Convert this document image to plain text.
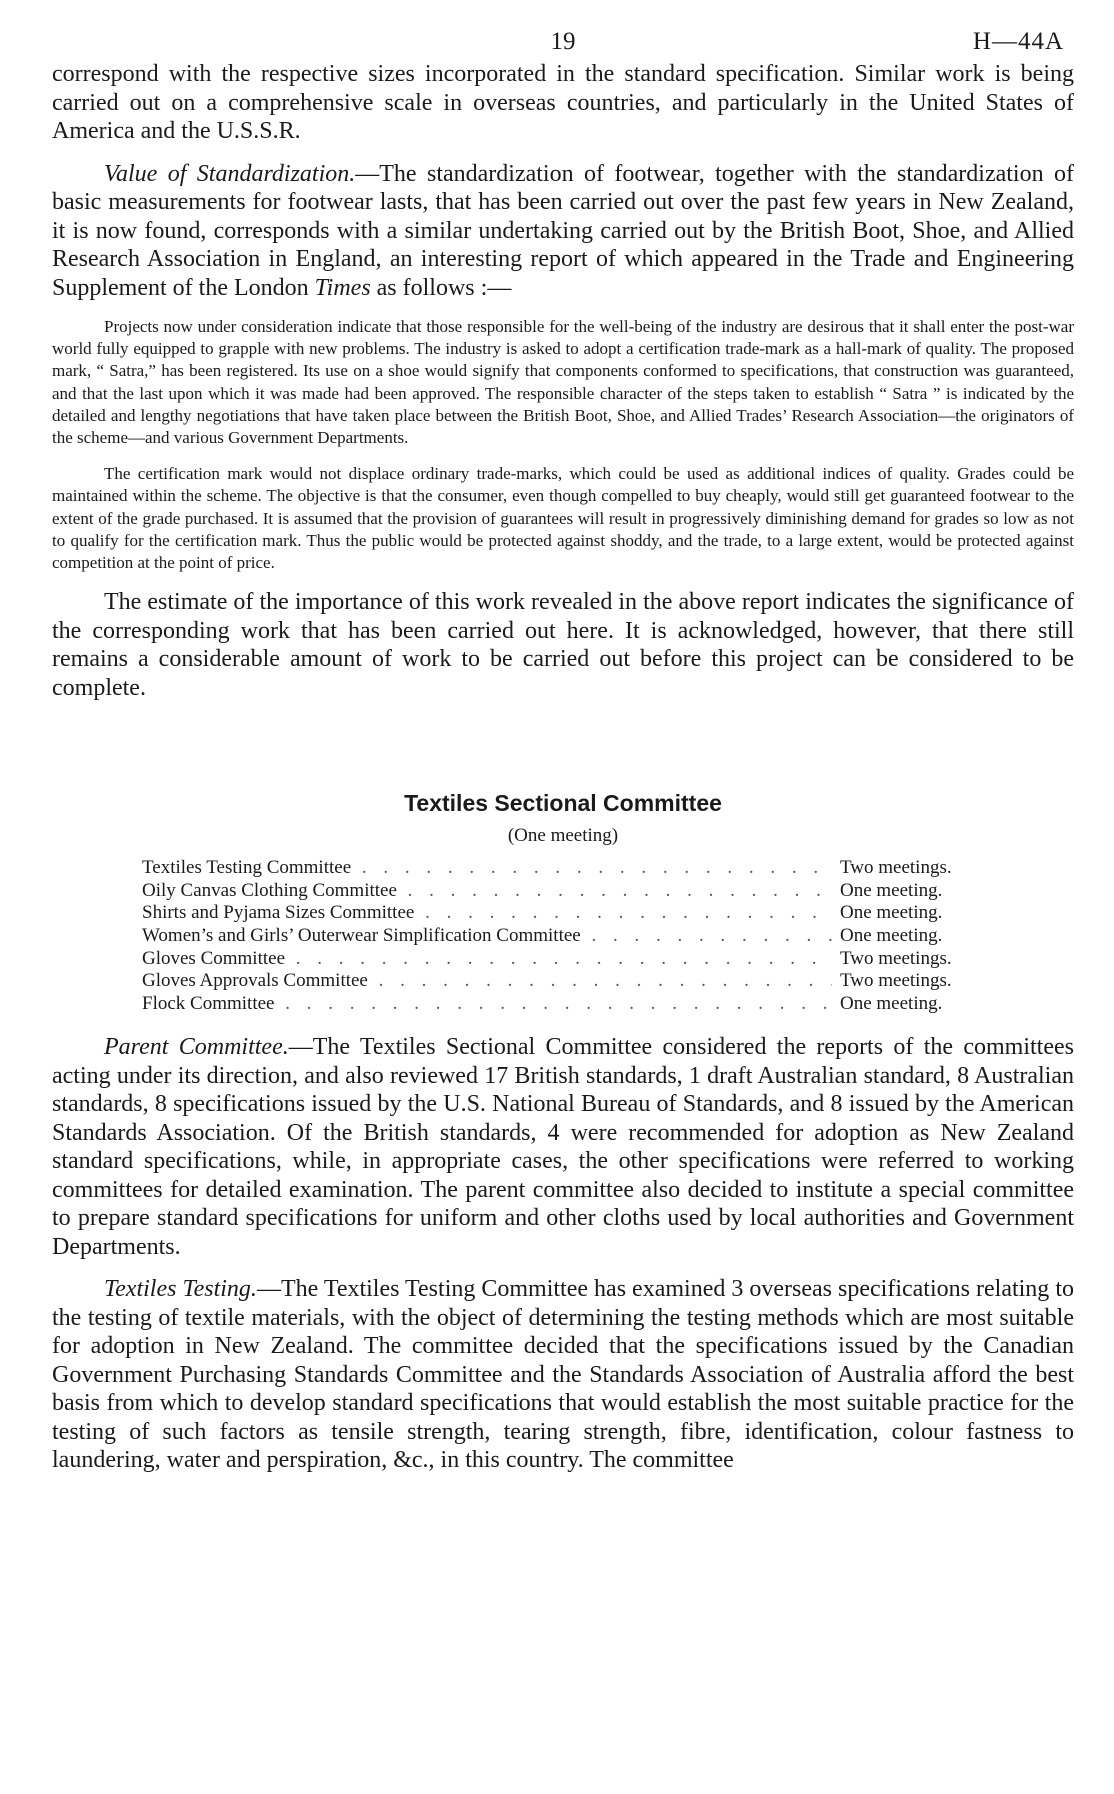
19	H—44A

correspond with the respective sizes incorporated in the standard specification. Similar work is being carried out on a comprehensive scale in overseas countries, and particularly in the United States of America and the U.S.S.R.

Value of Standardization.—The standardization of footwear, together with the standardization of basic measurements for footwear lasts, that has been carried out over the past few years in New Zealand, it is now found, corresponds with a similar undertaking carried out by the British Boot, Shoe, and Allied Research Association in England, an interesting report of which appeared in the Trade and Engineering Supplement of the London Times as follows :—

Projects now under consideration indicate that those responsible for the well-being of the industry are desirous that it shall enter the post-war world fully equipped to grapple with new problems. The industry is asked to adopt a certification trade-mark as a hall-mark of quality. The proposed mark, “ Satra,” has been registered. Its use on a shoe would signify that components conformed to specifications, that construction was guaranteed, and that the last upon which it was made had been approved. The responsible character of the steps taken to establish “ Satra ” is indicated by the detailed and lengthy negotiations that have taken place between the British Boot, Shoe, and Allied Trades’ Research Association—the originators of the scheme—and various Government Departments.

The certification mark would not displace ordinary trade-marks, which could be used as additional indices of quality. Grades could be maintained within the scheme. The objective is that the consumer, even though compelled to buy cheaply, would still get guaranteed footwear to the extent of the grade purchased. It is assumed that the provision of guarantees will result in progressively diminishing demand for grades so low as not to qualify for the certification mark. Thus the public would be protected against shoddy, and the trade, to a large extent, would be protected against competition at the point of price.

The estimate of the importance of this work revealed in the above report indicates the significance of the corresponding work that has been carried out here. It is acknowledged, however, that there still remains a considerable amount of work to be carried out before this project can be considered to be complete.

Textiles Sectional Committee
(One meeting)
Textiles Testing Committee . . .	Two meetings.
Oily Canvas Clothing Committee . . .	One meeting.
Shirts and Pyjama Sizes Committee . . .	One meeting.
Women’s and Girls’ Outerwear Simplification Committee . . .	One meeting.
Gloves Committee . . .	Two meetings.
Gloves Approvals Committee . . .	Two meetings.
Flock Committee . . .	One meeting.

Parent Committee.—The Textiles Sectional Committee considered the reports of the committees acting under its direction, and also reviewed 17 British standards, 1 draft Australian standard, 8 Australian standards, 8 specifications issued by the U.S. National Bureau of Standards, and 8 issued by the American Standards Association. Of the British standards, 4 were recommended for adoption as New Zealand standard specifications, while, in appropriate cases, the other specifications were referred to working committees for detailed examination. The parent committee also decided to institute a special committee to prepare standard specifications for uniform and other cloths used by local authorities and Government Departments.

Textiles Testing.—The Textiles Testing Committee has examined 3 overseas specifications relating to the testing of textile materials, with the object of determining the testing methods which are most suitable for adoption in New Zealand. The committee decided that the specifications issued by the Canadian Government Purchasing Standards Committee and the Standards Association of Australia afford the best basis from which to develop standard specifications that would establish the most suitable practice for the testing of such factors as tensile strength, tearing strength, fibre, identification, colour fastness to laundering, water and perspiration, &c., in this country. The committee
